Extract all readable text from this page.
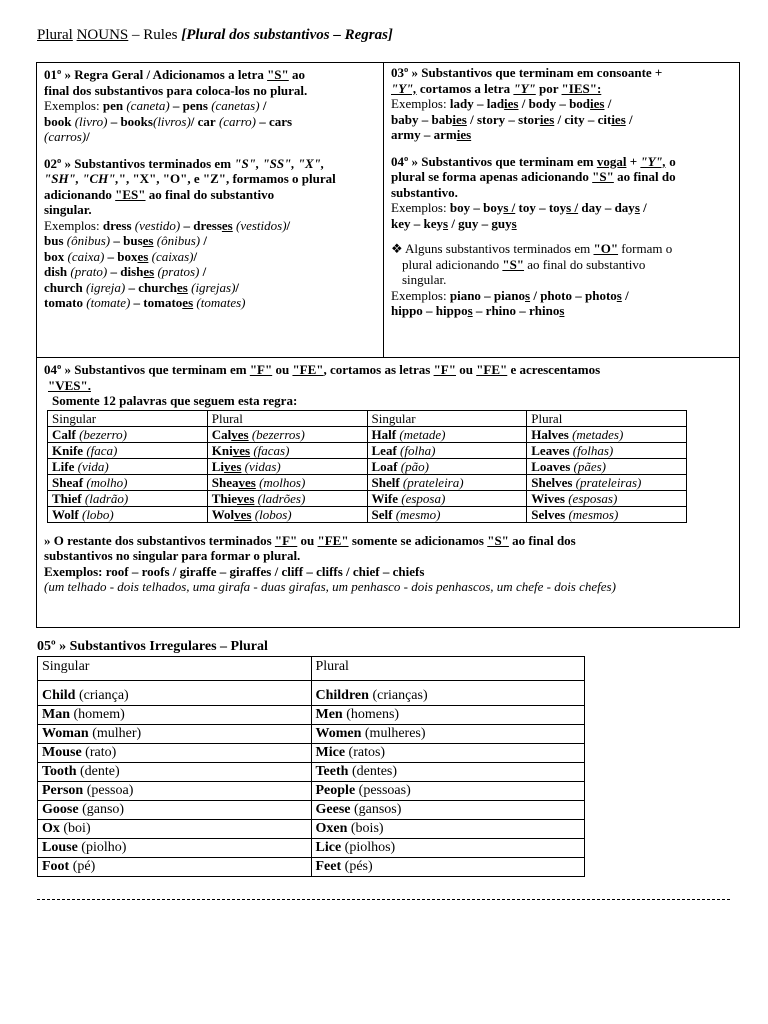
Plural NOUNS – Rules [Plural dos substantivos – Regras]

01º » Regra Geral / Adicionamos a letra "S" ao

final dos substantivos para coloca-los no plural.

Exemplos: pen (caneta) – pens (canetas) /

book (livro) – books(livros)/ car (carro) – cars

(carros)/

02º » Substantivos terminados em "S", "SS", "X",

"SH", "CH",", "X", "O", e "Z", formamos o plural

adicionando "ES" ao final do substantivo

singular.

Exemplos: dress (vestido) – dresses (vestidos)/

bus (ônibus) – buses (ônibus) /

box (caixa) – boxes (caixas)/

dish (prato) – dishes (pratos) /

church (igreja) – churches (igrejas)/

tomato (tomate) – tomatoes (tomates)

03º » Substantivos que terminam em consoante +

"Y", cortamos a letra "Y" por "IES":

Exemplos: lady – ladies / body – bodies /

baby – babies / story – stories / city – cities /

army – armies

04º » Substantivos que terminam em vogal + "Y", o

plural se forma apenas adicionando "S" ao final do

substantivo.

Exemplos: boy – boys / toy – toys / day – days /

key – keys / guy – guys

❖ Alguns substantivos terminados em "O" formam o

plural adicionando "S" ao final do substantivo

singular.

Exemplos: piano – pianos / photo – photos /

hippo – hippos – rhino – rhinos

04º » Substantivos que terminam em "F" ou "FE", cortamos as letras "F" ou "FE" e acrescentamos

"VES".

Somente 12 palavras que seguem esta regra:

Singular	Plural	Singular	Plural
Calf (bezerro)	Calves (bezerros)	Half (metade)	Halves (metades)
Knife (faca)	Knives (facas)	Leaf (folha)	Leaves (folhas)
Life (vida)	Lives (vidas)	Loaf (pão)	Loaves (pães)
Sheaf (molho)	Sheaves (molhos)	Shelf (prateleira)	Shelves (prateleiras)
Thief (ladrão)	Thieves (ladrões)	Wife (esposa)	Wives (esposas)
Wolf (lobo)	Wolves (lobos)	Self (mesmo)	Selves (mesmos)

» O restante dos substantivos terminados "F" ou "FE" somente se adicionamos "S" ao final dos

substantivos no singular para formar o plural.

Exemplos: roof – roofs / giraffe – giraffes / cliff – cliffs / chief – chiefs

(um telhado - dois telhados, uma girafa - duas girafas, um penhasco - dois penhascos, um chefe - dois chefes)

05º » Substantivos Irregulares – Plural
Singular	Plural
Child (criança)	Children (crianças)
Man (homem)	Men (homens)
Woman (mulher)	Women (mulheres)
Mouse (rato)	Mice (ratos)
Tooth (dente)	Teeth (dentes)
Person (pessoa)	People (pessoas)
Goose (ganso)	Geese (gansos)
Ox (boi)	Oxen (bois)
Louse (piolho)	Lice (piolhos)
Foot (pé)	Feet (pés)
